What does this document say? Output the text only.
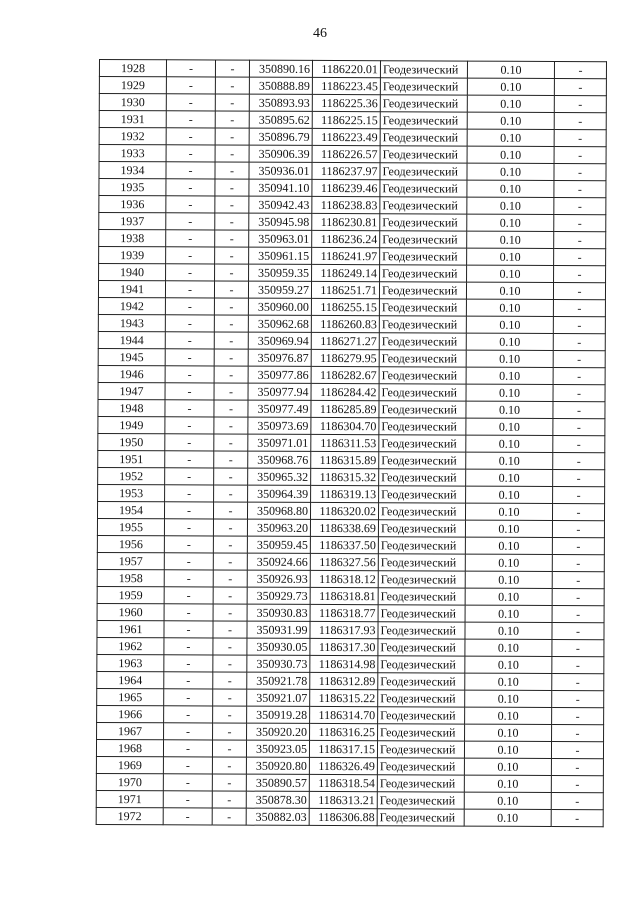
46
1928	-	-	350890.16	1186220.01	Геодезический	0.10	-
1929	-	-	350888.89	1186223.45	Геодезический	0.10	-
1930	-	-	350893.93	1186225.36	Геодезический	0.10	-
1931	-	-	350895.62	1186225.15	Геодезический	0.10	-
1932	-	-	350896.79	1186223.49	Геодезический	0.10	-
1933	-	-	350906.39	1186226.57	Геодезический	0.10	-
1934	-	-	350936.01	1186237.97	Геодезический	0.10	-
1935	-	-	350941.10	1186239.46	Геодезический	0.10	-
1936	-	-	350942.43	1186238.83	Геодезический	0.10	-
1937	-	-	350945.98	1186230.81	Геодезический	0.10	-
1938	-	-	350963.01	1186236.24	Геодезический	0.10	-
1939	-	-	350961.15	1186241.97	Геодезический	0.10	-
1940	-	-	350959.35	1186249.14	Геодезический	0.10	-
1941	-	-	350959.27	1186251.71	Геодезический	0.10	-
1942	-	-	350960.00	1186255.15	Геодезический	0.10	-
1943	-	-	350962.68	1186260.83	Геодезический	0.10	-
1944	-	-	350969.94	1186271.27	Геодезический	0.10	-
1945	-	-	350976.87	1186279.95	Геодезический	0.10	-
1946	-	-	350977.86	1186282.67	Геодезический	0.10	-
1947	-	-	350977.94	1186284.42	Геодезический	0.10	-
1948	-	-	350977.49	1186285.89	Геодезический	0.10	-
1949	-	-	350973.69	1186304.70	Геодезический	0.10	-
1950	-	-	350971.01	1186311.53	Геодезический	0.10	-
1951	-	-	350968.76	1186315.89	Геодезический	0.10	-
1952	-	-	350965.32	1186315.32	Геодезический	0.10	-
1953	-	-	350964.39	1186319.13	Геодезический	0.10	-
1954	-	-	350968.80	1186320.02	Геодезический	0.10	-
1955	-	-	350963.20	1186338.69	Геодезический	0.10	-
1956	-	-	350959.45	1186337.50	Геодезический	0.10	-
1957	-	-	350924.66	1186327.56	Геодезический	0.10	-
1958	-	-	350926.93	1186318.12	Геодезический	0.10	-
1959	-	-	350929.73	1186318.81	Геодезический	0.10	-
1960	-	-	350930.83	1186318.77	Геодезический	0.10	-
1961	-	-	350931.99	1186317.93	Геодезический	0.10	-
1962	-	-	350930.05	1186317.30	Геодезический	0.10	-
1963	-	-	350930.73	1186314.98	Геодезический	0.10	-
1964	-	-	350921.78	1186312.89	Геодезический	0.10	-
1965	-	-	350921.07	1186315.22	Геодезический	0.10	-
1966	-	-	350919.28	1186314.70	Геодезический	0.10	-
1967	-	-	350920.20	1186316.25	Геодезический	0.10	-
1968	-	-	350923.05	1186317.15	Геодезический	0.10	-
1969	-	-	350920.80	1186326.49	Геодезический	0.10	-
1970	-	-	350890.57	1186318.54	Геодезический	0.10	-
1971	-	-	350878.30	1186313.21	Геодезический	0.10	-
1972	-	-	350882.03	1186306.88	Геодезический	0.10	-
